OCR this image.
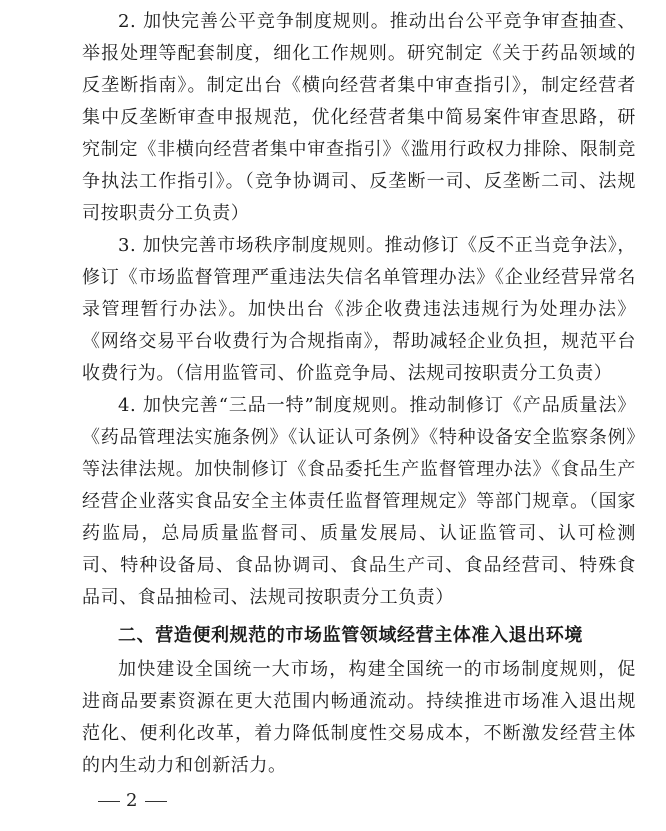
2. 加快完善公平竞争制度规则。推动出台公平竞争审查抽查、举报处理等配套制度，细化工作规则。研究制定《关于药品领域的反垄断指南》。制定出台《横向经营者集中审查指引》，制定经营者集中反垄断审查申报规范，优化经营者集中简易案件审查思路，研究制定《非横向经营者集中审查指引》《滥用行政权力排除、限制竞争执法工作指引》。（竞争协调司、反垄断一司、反垄断二司、法规司按职责分工负责）

3. 加快完善市场秩序制度规则。推动修订《反不正当竞争法》，修订《市场监督管理严重违法失信名单管理办法》《企业经营异常名录管理暂行办法》。加快出台《涉企收费违法违规行为处理办法》《网络交易平台收费行为合规指南》，帮助减轻企业负担，规范平台收费行为。（信用监管司、价监竞争局、法规司按职责分工负责）

4. 加快完善“三品一特”制度规则。推动制修订《产品质量法》《药品管理法实施条例》《认证认可条例》《特种设备安全监察条例》等法律法规。加快制修订《食品委托生产监督管理办法》《食品生产经营企业落实食品安全主体责任监督管理规定》等部门规章。（国家药监局，总局质量监督司、质量发展局、认证监管司、认可检测司、特种设备局、食品协调司、食品生产司、食品经营司、特殊食品司、食品抽检司、法规司按职责分工负责）

二、营造便利规范的市场监管领域经营主体准入退出环境

加快建设全国统一大市场，构建全国统一的市场制度规则，促进商品要素资源在更大范围内畅通流动。持续推进市场准入退出规范化、便利化改革，着力降低制度性交易成本，不断激发经营主体的内生动力和创新活力。

2
